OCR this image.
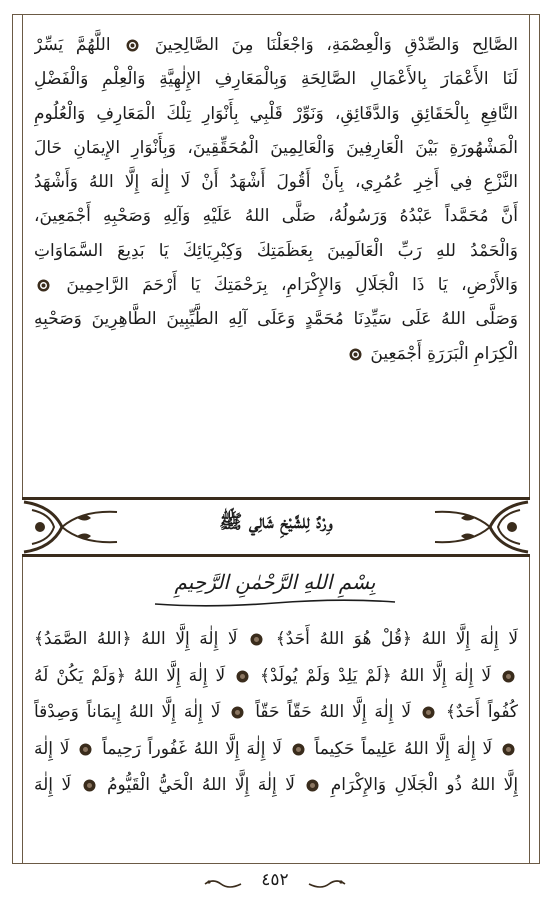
الصَّالِح وَالصِّدْقِ وَالْعِصْمَةِ، وَاجْعَلْنَا مِنَ الصَّالِحِينَ
اللَّهُمَّ يَسِّرْ
لَنَا الأَعْمَارَ بِالأَعْمَالِ الصَّالِحَةِ وَبِالْمَعَارِفِ الإِلٰهِيَّةِ وَالْعِلْمِ وَالْفَضْلِ
النَّافِعِ بِالْحَقَائِقِ وَالدَّقَائِقِ، وَنَوِّرْ قَلْبِي بِأَنْوَارِ تِلْكَ الْمَعَارِفِ وَالْعُلُومِ
الْمَشْهُورَةِ بَيْنَ الْعَارِفِينَ وَالْعَالِمِينَ الْمُحَقِّقِينَ، وَبِأَنْوَارِ الإِيمَانِ حَالَ
النَّزْعِ فِي أَخِرِ عُمُرِي، بِأَنْ أَقُولَ أَشْهَدُ أَنْ لَا إِلٰهَ إِلَّا اللهُ وَأَشْهَدُ
أَنَّ مُحَمَّداً عَبْدُهُ وَرَسُولُهُ، صَلَّى اللهُ عَلَيْهِ وَآلِهِ وَصَحْبِهِ أَجْمَعِينَ،
وَالْحَمْدُ للهِ رَبِّ الْعَالَمِينَ بِعَظَمَتِكَ وَكِبْرِيَائِكَ يَا بَدِيعَ السَّمَاوَاتِ
وَالأَرْضِ، يَا ذَا الْجَلَالِ وَالإِكْرَامِ، بِرَحْمَتِكَ يَا أَرْحَمَ الرَّاحِمِينَ
وَصَلَّى اللهُ عَلَى سَيِّدِنَا مُحَمَّدٍ وَعَلَى آلِهِ الطَّيِّبِينَ الطَّاهِرِينَ وَصَحْبِهِ
الْكِرَامِ الْبَرَرَةِ أَجْمَعِينَ
وِرْدٌ لِلشَّيْخِ شَالِي ﷺ
بِسْمِ اللهِ الرَّحْمٰنِ الرَّحِيمِ
لَا إِلٰهَ إِلَّا اللهُ ﴿قُلْ هُوَ اللهُ أَحَدٌ﴾
لَا إِلٰهَ إِلَّا اللهُ ﴿اللهُ الصَّمَدُ﴾
لَا إِلٰهَ إِلَّا اللهُ ﴿لَمْ يَلِدْ وَلَمْ يُولَدْ﴾
لَا إِلٰهَ إِلَّا اللهُ ﴿وَلَمْ يَكُنْ لَهُ
كُفُواً أَحَدٌ﴾
لَا إِلٰهَ إِلَّا اللهُ حَقّاً حَقّاً
لَا إِلٰهَ إِلَّا اللهُ إِيمَاناً وَصِدْقاً
لَا إِلٰهَ إِلَّا اللهُ عَلِيماً حَكِيماً
لَا إِلٰهَ إِلَّا اللهُ غَفُوراً رَحِيماً
لَا إِلٰهَ
إِلَّا اللهُ ذُو الْجَلَالِ وَالإِكْرَامِ
لَا إِلٰهَ إِلَّا اللهُ الْحَيُّ الْقَيُّومُ
لَا إِلٰهَ
٤٥٢
